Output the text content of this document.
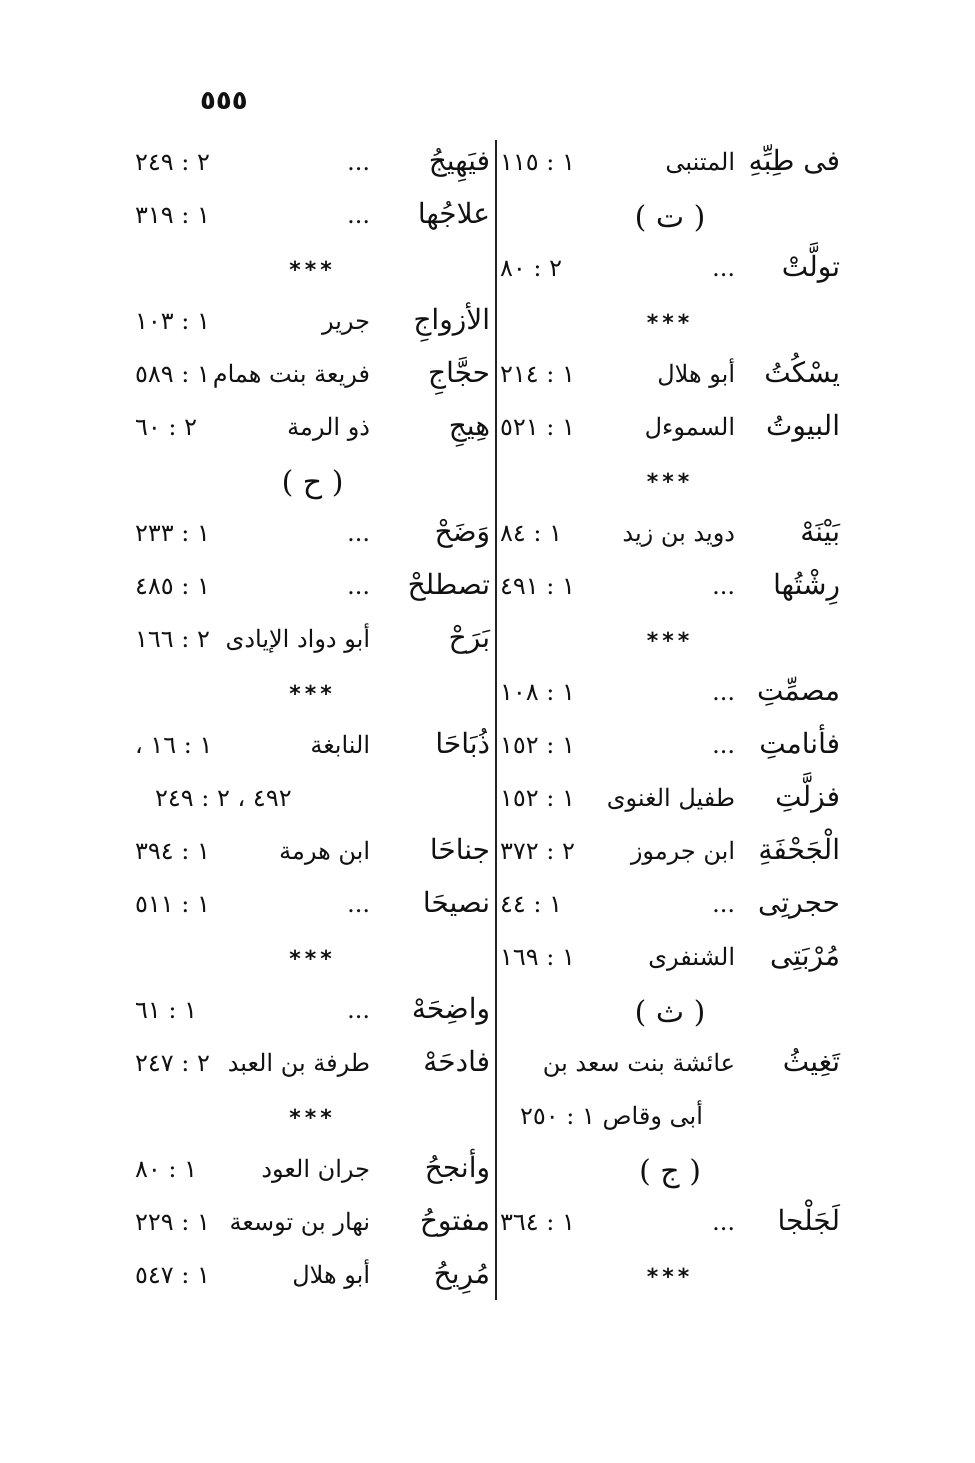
٥٥٥
فى طِبِّهِ
المتنبى
١ : ١١٥
( ت )
تولَّتْ
...
٢ : ٨٠
***
يسْكُتُ
أبو هلال
١ : ٢١٤
البيوتُ
السموءل
١ : ٥٢١
***
بَيْنَهْ
دويد بن زيد
١ : ٨٤
رِشْتُها
...
١ : ٤٩١
***
مصمِّتِ
...
١ : ١٠٨
فأنامتِ
...
١ : ١٥٢
فزلَّتِ
طفيل الغنوى
١ : ١٥٢
الْجَحْفَةِ
ابن جرموز
٢ : ٣٧٢
حجرتِى
...
١ : ٤٤
مُرْبَتِى
الشنفرى
١ : ١٦٩
( ث )
تَغِيثُ
عائشة بنت سعد بن
أبى وقاص ١ : ٢٥٠
( ج )
لَجَلْجا
...
١ : ٣٦٤
***
فيَهِيجُ
...
٢ : ٢٤٩
علاجُها
...
١ : ٣١٩
***
الأزواجِ
جرير
١ : ١٠٣
حجَّاجِ
فريعة بنت همام
١ : ٥٨٩
هِيجِ
ذو الرمة
٢ : ٦٠
( ح )
وَضَحْ
...
١ : ٢٣٣
تصطلحْ
...
١ : ٤٨٥
بَرَحْ
أبو دواد الإيادى
٢ : ١٦٦
***
ذُبَاحَا
النابغة
١ : ١٦ ،
٤٩٢ ، ٢ : ٢٤٩
جناحَا
ابن هرمة
١ : ٣٩٤
نصيحَا
...
١ : ٥١١
***
واضِحَهْ
...
١ : ٦١
فادحَهْ
طرفة بن العبد
٢ : ٢٤٧
***
وأنجحُ
جران العود
١ : ٨٠
مفتوحُ
نهار بن توسعة
١ : ٢٢٩
مُرِيحُ
أبو هلال
١ : ٥٤٧
